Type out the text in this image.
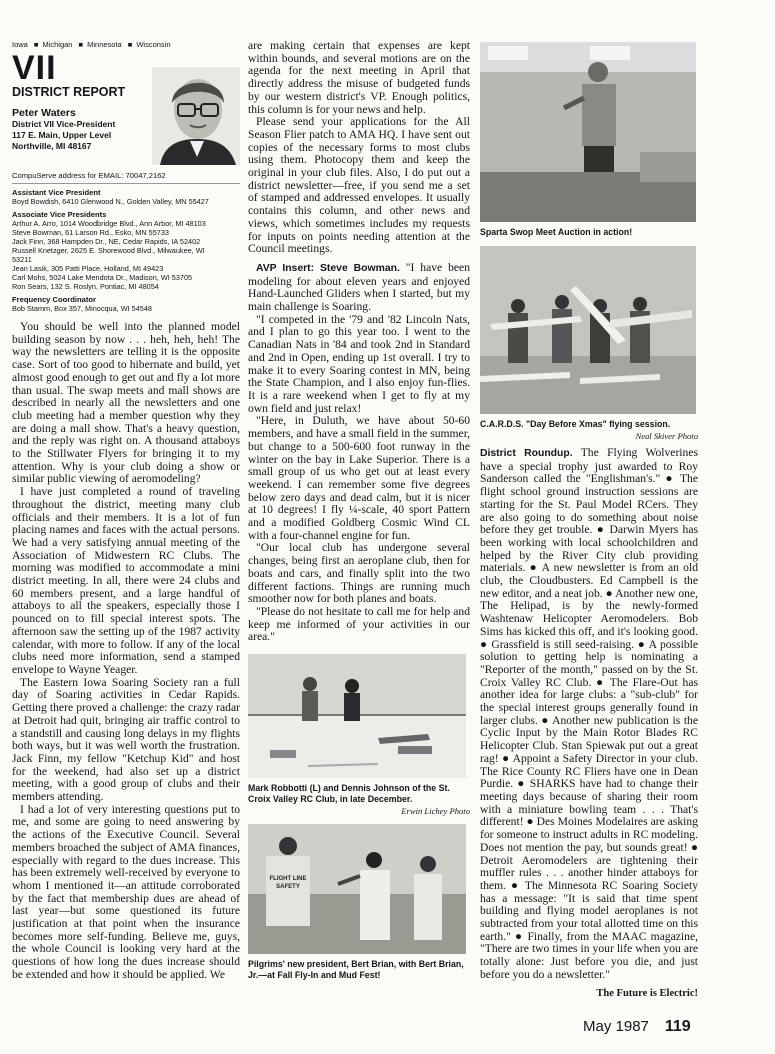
Iowa ■ Michigan ■ Minnesota ■ Wisconsin
VII
DISTRICT REPORT
Peter Waters
District VII Vice-President
117 E. Main, Upper Level
Northville, MI 48167
CompuServe address for EMAIL: 70047,2162
Assistant Vice President
Boyd Bowdish, 6410 Glenwood N., Golden Valley, MN 55427
Associate Vice Presidents
Arthur A. Arro, 1014 Woodbridge Blvd., Ann Arbor, MI 48103
Steve Bowman, 61 Larson Rd., Esko, MN 55733
Jack Finn, 368 Hampden Dr., NE, Cedar Rapids, IA 52402
Russell Knetzger, 2625 E. Shorewood Blvd., Milwaukee, WI
53211
Jean Lasik, 305 Patti Place, Holland, MI 49423
Carl Mohs, 5024 Lake Mendota Dr., Madison, WI 53705
Ron Sears, 132 S. Roslyn, Pontiac, MI 48054
Frequency Coordinator
Bob Stamm, Box 357, Minocqua, WI 54548

You should be well into the planned model building season by now . . . heh, heh, heh! The way the newsletters are telling it is the opposite case. Sort of too good to hibernate and build, yet almost good enough to get out and fly a lot more than usual. The swap meets and mall shows are described in nearly all the newsletters and one club meeting had a member question why they are doing a mall show. That's a heavy question, and the reply was right on. A thousand attaboys to the Stillwater Flyers for bringing it to my attention. Why is your club doing a show or similar public viewing of aeromodeling?

I have just completed a round of traveling throughout the district, meeting many club officials and their members. It is a lot of fun placing names and faces with the actual persons. We had a very satisfying annual meeting of the Association of Midwestern RC Clubs. The morning was modified to accommodate a mini district meeting. In all, there were 24 clubs and 60 members present, and a large handful of attaboys to all the speakers, especially those I pounced on to fill special interest spots. The afternoon saw the setting up of the 1987 activity calendar, with more to follow. If any of the local clubs need more information, send a stamped envelope to Wayne Yeager.

The Eastern Iowa Soaring Society ran a full day of Soaring activities in Cedar Rapids. Getting there proved a challenge: the crazy radar at Detroit had quit, bringing air traffic control to a standstill and causing long delays in my flights both ways, but it was well worth the frustration. Jack Finn, my fellow "Ketchup Kid" and host for the weekend, had also set up a district meeting, with a good group of clubs and their members attending.

I had a lot of very interesting questions put to me, and some are going to need answering by the actions of the Executive Council. Several members broached the subject of AMA finances, especially with regard to the dues increase. This has been extremely well-received by everyone to whom I mentioned it—an attitude corroborated by the fact that membership dues are ahead of last year—but some questioned its future justification at that point when the insurance becomes more self-funding. Believe me, guys, the whole Council is looking very hard at the questions of how long the dues increase should be extended and how it should be applied. We

are making certain that expenses are kept within bounds, and several motions are on the agenda for the next meeting in April that directly address the misuse of budgeted funds by our western district's VP. Enough politics, this column is for your news and help.

Please send your applications for the All Season Flier patch to AMA HQ. I have sent out copies of the necessary forms to most clubs using them. Photocopy them and keep the original in your club files. Also, I do put out a district newsletter—free, if you send me a set of stamped and addressed envelopes. It usually contains this column, and other news and views, which sometimes includes my requests for inputs on points needing attention at the Council meetings.

AVP Insert: Steve Bowman. "I have been modeling for about eleven years and enjoyed Hand-Launched Gliders when I started, but my main challenge is Soaring.

"I competed in the '79 and '82 Lincoln Nats, and I plan to go this year too. I went to the Canadian Nats in '84 and took 2nd in Standard and 2nd in Open, ending up 1st overall. I try to make it to every Soaring contest in MN, being the State Champion, and I also enjoy fun-flies. It is a rare weekend when I get to fly at my own field and just relax!

"Here, in Duluth, we have about 50-60 members, and have a small field in the summer, but change to a 500-600 foot runway in the winter on the bay in Lake Superior. There is a small group of us who get out at least every weekend. I can remember some five degrees below zero days and dead calm, but it is nicer at 10 degrees! I fly ¼-scale, 40 sport Pattern and a modified Goldberg Cosmic Wind CL with a four-channel engine for fun.

"Our local club has undergone several changes, being first an aeroplane club, then for boats and cars, and finally split into the two different factions. Things are running much smoother now for both planes and boats.

"Please do not hesitate to call me for help and keep me informed of your activities in our area."

Mark Robbotti (L) and Dennis Johnson of the St. Croix Valley RC Club, in late December.
Erwin Lichey Photo
FLIGHT LINE SAFETY
Pilgrims' new president, Bert Brian, with Bert Brian, Jr.—at Fall Fly-In and Mud Fest!
Sparta Swop Meet Auction in action!
C.A.R.D.S. "Day Before Xmas" flying session.
Neal Skiver Photo

District Roundup. The Flying Wolverines have a special trophy just awarded to Roy Sanderson called the "Englishman's." ● The flight school ground instruction sessions are starting for the St. Paul Model RCers. They are also going to do something about noise before they get trouble. ● Darwin Myers has been working with local schoolchildren and helped by the River City club providing materials. ● A new newsletter is from an old club, the Cloudbusters. Ed Campbell is the new editor, and a neat job. ● Another new one, The Helipad, is by the newly-formed Washtenaw Helicopter Aeromodelers. Bob Sims has kicked this off, and it's looking good. ● Grassfield is still seed-raising. ● A possible solution to getting help is nominating a "Reporter of the month," passed on by the St. Croix Valley RC Club. ● The Flare-Out has another idea for large clubs: a "sub-club" for the special interest groups generally found in larger clubs. ● Another new publication is the Cyclic Input by the Main Rotor Blades RC Helicopter Club. Stan Spiewak put out a great rag! ● Appoint a Safety Director in your club. The Rice County RC Fliers have one in Dean Purdie. ● SHARKS have had to change their meeting days because of sharing their room with a miniature bowling team . . . That's different! ● Des Moines Modelaires are asking for someone to instruct adults in RC modeling. Does not mention the pay, but sounds great! ● Detroit Aeromodelers are tightening their muffler rules . . . another hinder attaboys for them. ● The Minnesota RC Soaring Society has a message: "It is said that time spent building and flying model aeroplanes is not subtracted from your total allotted time on this earth." ● Finally, from the MAAC magazine, "There are two times in your life when you are totally alone: Just before you die, and just before you do a newsletter."

The Future is Electric!
May 1987 119
